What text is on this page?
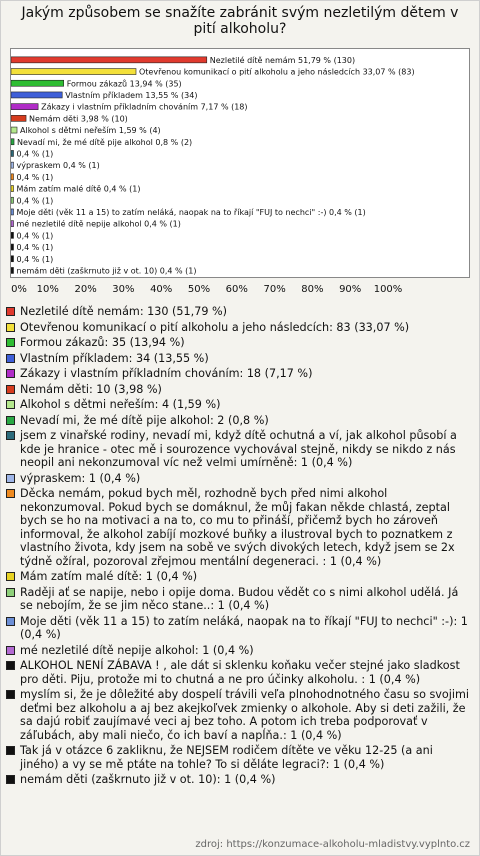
Jakým způsobem se snažíte zabránit svým nezletilým dětem v pití alkoholu?
Nezletilé dítě nemám 51,79 % (130)
Otevřenou komunikací o pití alkoholu a jeho následcích 33,07 % (83)
Formou zákazů 13,94 % (35)
Vlastním příkladem 13,55 % (34)
Zákazy i vlastním příkladním chováním 7,17 % (18)
Nemám děti 3,98 % (10)
Alkohol s dětmi neřeším 1,59 % (4)
Nevadí mi, že mé dítě pije alkohol 0,8 % (2)
0,4 % (1)
výpraskem 0,4 % (1)
0,4 % (1)
Mám zatím malé dítě 0,4 % (1)
0,4 % (1)
Moje děti (věk 11 a 15) to zatím neláká, naopak na to říkají "FUJ to nechci" :-) 0,4 % (1)
mé nezletilé dítě nepije alkohol 0,4 % (1)
0,4 % (1)
0,4 % (1)
0,4 % (1)
nemám děti (zaškrnuto již v ot. 10) 0,4 % (1)
0% 10% 20% 30% 40% 50% 60% 70% 80% 90% 100%
Nezletilé dítě nemám: 130 (51,79 %)
Otevřenou komunikací o pití alkoholu a jeho následcích: 83 (33,07 %)
Formou zákazů: 35 (13,94 %)
Vlastním příkladem: 34 (13,55 %)
Zákazy i vlastním příkladním chováním: 18 (7,17 %)
Nemám děti: 10 (3,98 %)
Alkohol s dětmi neřeším: 4 (1,59 %)
Nevadí mi, že mé dítě pije alkohol: 2 (0,8 %)
jsem z vinařské rodiny, nevadí mi, když dítě ochutná a ví, jak alkohol působí a kde je hranice - otec mě i sourozence vychovával stejně, nikdy se nikdo z nás neopil ani nekonzumoval víc než velmi umírněně: 1 (0,4 %)
výpraskem: 1 (0,4 %)
Děcka nemám, pokud bych měl, rozhodně bych před nimi alkohol nekonzumoval. Pokud bych se domáknul, že můj fakan někde chlastá, zeptal bych se ho na motivaci a na to, co mu to přináší, přičemž bych ho zároveň informoval, že alkohol zabíjí mozkové buňky a ilustroval bych to poznatkem z vlastního života, kdy jsem na sobě ve svých divokých letech, když jsem se 2x týdně ožíral, pozoroval zřejmou mentální degeneraci. : 1 (0,4 %)
Mám zatím malé dítě: 1 (0,4 %)
Raději ať se napije, nebo i opije doma. Budou vědět co s nimi alkohol udělá. Já se nebojím, že se jim něco stane..: 1 (0,4 %)
Moje děti (věk 11 a 15) to zatím neláká, naopak na to říkají "FUJ to nechci" :-): 1 (0,4 %)
mé nezletilé dítě nepije alkohol: 1 (0,4 %)
ALKOHOL NENÍ ZÁBAVA ! , ale dát si sklenku koňaku večer stejné jako sladkost pro děti. Piju, protože mi to chutná a ne pro účinky alkoholu. : 1 (0,4 %)
myslím si, že je dôležité aby dospelí trávili veľa plnohodnotného času so svojimi deťmi bez alkoholu a aj bez akejkoľvek zmienky o alkohole. Aby si deti zažili, že sa dajú robiť zaujímavé veci aj bez toho. A potom ich treba podporovať v záľubách, aby mali niečo, čo ich baví a napĺňa.: 1 (0,4 %)
Tak já v otázce 6 zakliknu, že NEJSEM rodičem dítěte ve věku 12-25 (a ani jiného) a vy se mě ptáte na tohle? To si děláte legraci?: 1 (0,4 %)
nemám děti (zaškrnuto již v ot. 10): 1 (0,4 %)
zdroj: https://konzumace-alkoholu-mladistvy.vyplnto.cz
